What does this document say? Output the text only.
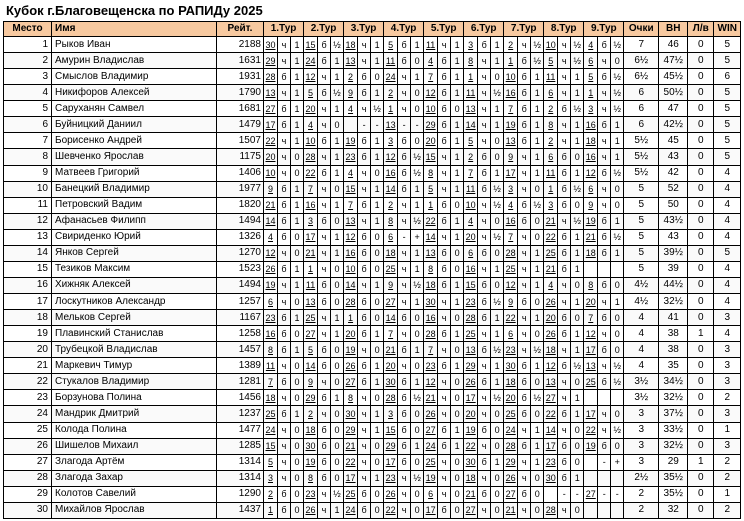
Кубок г.Благовещенска по РАПИДу 2025
Место	Имя	Рейт.	1.Тур			2.Тур			3.Тур			4.Тур			5.Тур			6.Тур			7.Тур			8.Тур			9.Тур			Очки	ВН	Л/в	WIN
1	Рыков Иван	2188	30	ч	1	15	б	½	18	ч	1	5	б	1	11	ч	1	3	б	1	2	ч	½	10	ч	½	4	б	½	7	46	0	5
2	Амурин Владислав	1631	29	ч	1	24	б	1	13	ч	1	11	б	0	4	б	1	8	ч	1	1	б	½	5	ч	½	6	ч	0	6½	47½	0	5
3	Смыслов Владимир	1931	28	б	1	12	ч	1	2	б	0	24	ч	1	7	б	1	1	ч	0	10	б	1	11	ч	1	5	б	½	6½	45½	0	6
4	Никифоров Алексей	1790	13	ч	1	5	б	½	9	б	1	2	ч	0	12	б	1	11	ч	½	16	б	1	6	ч	1	1	ч	½	6	50½	0	5
5	Саруханян Самвел	1681	27	б	1	20	ч	1	4	ч	½	1	ч	0	10	б	0	13	ч	1	7	б	1	2	б	½	3	ч	½	6	47	0	5
6	Буйницкий Даниил	1479	17	б	1	4	ч	0		-	-	13	-	-	29	б	1	14	ч	1	19	б	1	8	ч	1	16	б	1	6	42½	0	5
7	Борисенко Андрей	1507	22	ч	1	10	б	1	19	б	1	3	б	0	20	б	1	5	ч	0	13	б	1	2	ч	1	18	ч	1	5½	45	0	5
8	Шевченко Ярослав	1175	20	ч	0	28	ч	1	23	б	1	12	б	½	15	ч	1	2	б	0	9	ч	1	6	б	0	16	ч	1	5½	43	0	5
9	Матвеев Григорий	1406	10	ч	0	22	б	1	4	ч	0	16	б	½	8	ч	1	7	б	1	17	ч	1	11	б	1	12	б	½	5½	42	0	4
10	Банецкий Владимир	1977	9	б	1	7	ч	0	15	ч	1	14	б	1	5	ч	1	11	б	½	3	ч	0	1	б	½	6	ч	0	5	52	0	4
11	Петровский Вадим	1820	21	б	1	16	ч	1	7	б	1	2	ч	1	1	б	0	10	ч	½	4	б	½	3	б	0	9	ч	0	5	50	0	4
12	Афанасьев Филипп	1494	14	б	1	3	б	0	13	ч	1	8	ч	½	22	б	1	4	ч	0	16	б	0	21	ч	½	19	б	1	5	43½	0	4
13	Свириденко Юрий	1326	4	б	0	17	ч	1	12	б	0	6	-	+	14	ч	1	20	ч	½	7	ч	0	22	б	1	21	б	½	5	43	0	4
14	Янков Сергей	1270	12	ч	0	21	ч	1	16	б	0	18	ч	1	13	б	0	6	б	0	28	ч	1	25	б	1	18	б	1	5	39½	0	5
15	Тезиков Максим	1523	26	б	1	1	ч	0	10	б	0	25	ч	1	8	б	0	16	ч	1	25	ч	1	21	б	1				5	39	0	4
16	Хижняк Алексей	1494	19	ч	1	11	б	0	14	ч	1	9	ч	½	18	б	1	15	б	0	12	ч	1	4	ч	0	8	б	0	4½	44½	0	4
17	Лоскутников Александр	1257	6	ч	0	13	б	0	28	б	0	27	ч	1	30	ч	1	23	б	½	9	б	0	26	ч	1	20	ч	1	4½	32½	0	4
18	Мельков Сергей	1167	23	б	1	25	ч	1	1	б	0	14	б	0	16	ч	0	28	б	1	22	ч	1	20	б	0	7	б	0	4	41	0	3
19	Плавинский Станислав	1258	16	б	0	27	ч	1	20	б	1	7	ч	0	28	б	1	25	ч	1	6	ч	0	26	б	1	12	ч	0	4	38	1	4
20	Трубецкой Владислав	1457	8	б	1	5	б	0	19	ч	0	21	б	1	7	ч	0	13	б	½	23	ч	½	18	ч	1	17	б	0	4	38	0	3
21	Маркевич Тимур	1389	11	ч	0	14	б	0	26	б	1	20	ч	0	23	б	1	29	ч	1	30	б	1	12	б	½	13	ч	½	4	35	0	3
22	Стукалов Владимир	1281	7	б	0	9	ч	0	27	б	1	30	б	1	12	ч	0	26	б	1	18	б	0	13	ч	0	25	б	½	3½	34½	0	3
23	Борзунова Полина	1456	18	ч	0	29	б	1	8	ч	0	28	б	½	21	ч	0	17	ч	½	20	б	½	27	ч	1				3½	32½	0	2
24	Мандрик Дмитрий	1237	25	б	1	2	ч	0	30	ч	1	3	б	0	26	ч	0	20	ч	0	25	б	0	22	б	1	17	ч	0	3	37½	0	3
25	Колода Полина	1477	24	ч	0	18	б	0	29	ч	1	15	б	0	27	б	1	19	б	0	24	ч	1	14	ч	0	22	ч	½	3	33½	0	1
26	Шишелов Михаил	1285	15	ч	0	30	б	0	21	ч	0	29	б	1	24	б	1	22	ч	0	28	б	1	17	б	0	19	б	0	3	32½	0	3
27	Злагода Артём	1314	5	ч	0	19	б	0	22	ч	0	17	б	0	25	ч	0	30	б	1	29	ч	1	23	б	0		-	+	3	29	1	2
28	Злагода Захар	1314	3	ч	0	8	б	0	17	ч	1	23	ч	½	19	ч	0	18	ч	0	26	ч	0	30	б	1				2½	35½	0	2
29	Колотов Савелий	1290	2	б	0	23	ч	½	25	б	0	26	ч	0	6	ч	0	21	б	0	27	б	0		-	-	27	-	-	2	35½	0	1
30	Михайлов Ярослав	1437	1	б	0	26	ч	1	24	б	0	22	ч	0	17	б	0	27	ч	0	21	ч	0	28	ч	0				2	32	0	2
